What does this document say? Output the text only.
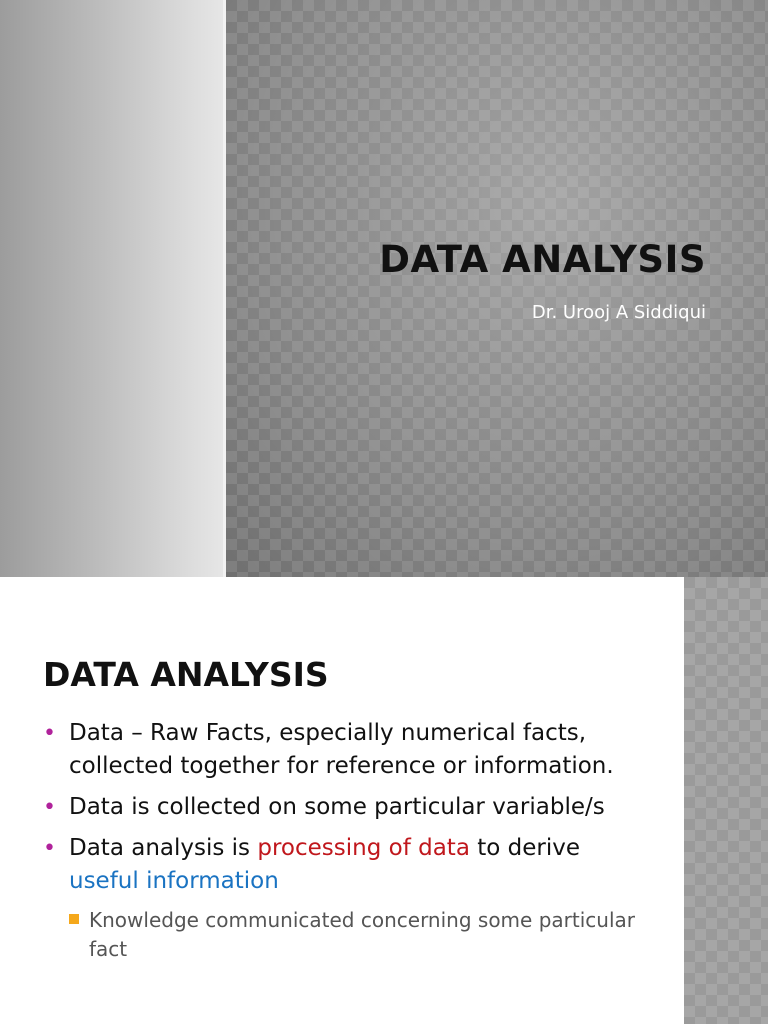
DATA ANALYSIS

Dr. Urooj A Siddiqui

DATA ANALYSIS
• Data – Raw Facts, especially numerical facts, collected together for reference or information.
• Data is collected on some particular variable/s
• Data analysis is processing of data to derive useful information
Knowledge communicated concerning some particular fact
